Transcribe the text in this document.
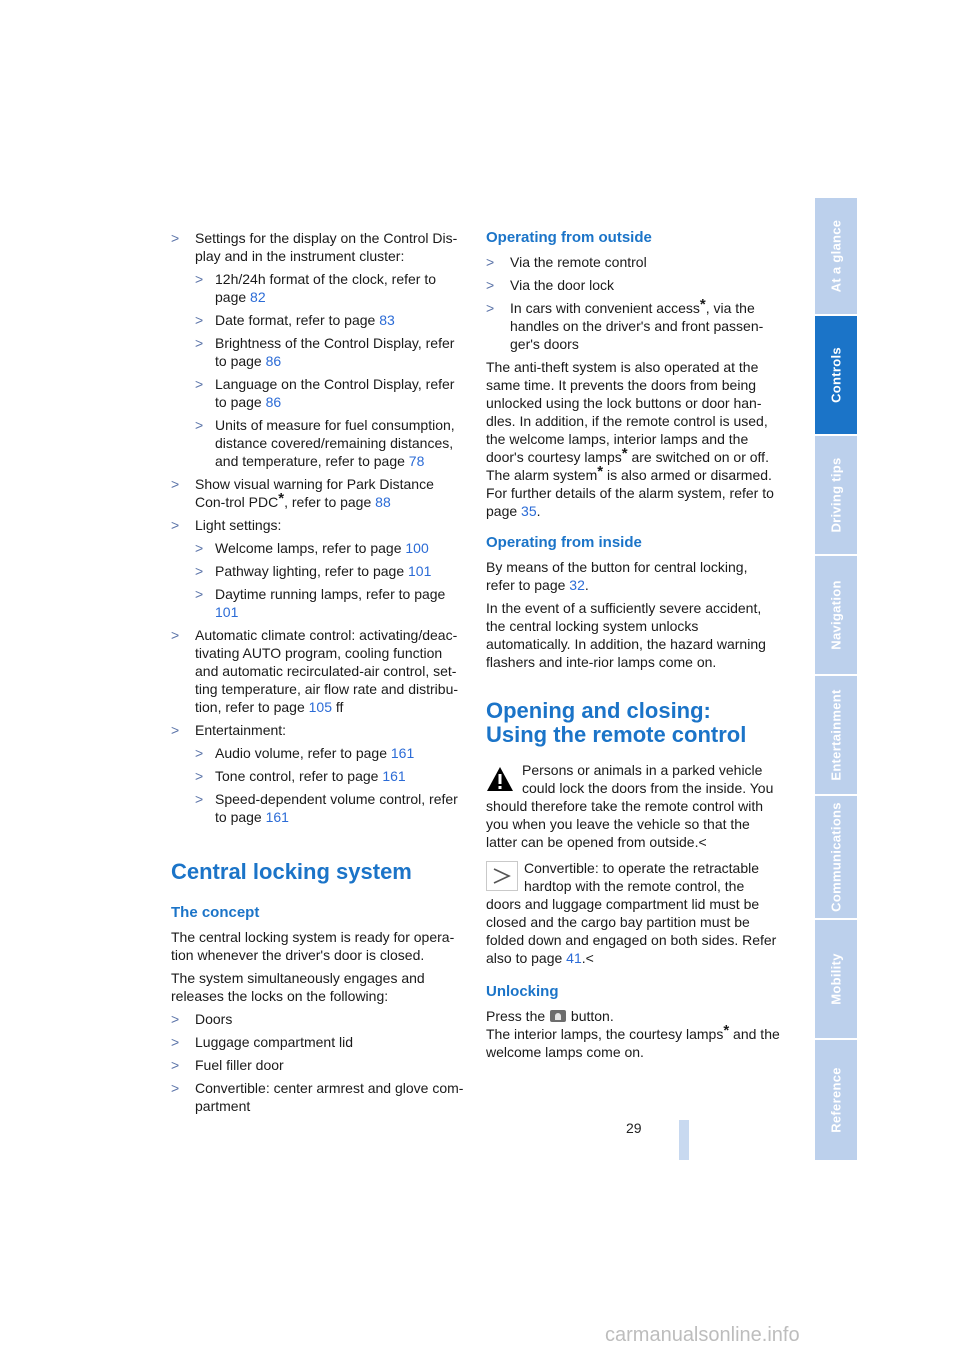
At a glance
Controls
Driving tips
Navigation
Entertainment
Communications
Mobility
Reference
> Settings for the display on the Control Dis-play and in the instrument cluster:
> 12h/24h format of the clock, refer to page 82
> Date format, refer to page 83
> Brightness of the Control Display, refer to page 86
> Language on the Control Display, refer to page 86
> Units of measure for fuel consumption, distance covered/remaining distances, and temperature, refer to page 78
> Show visual warning for Park Distance Con-trol PDC*, refer to page 88
> Light settings:
> Welcome lamps, refer to page 100
> Pathway lighting, refer to page 101
> Daytime running lamps, refer to page 101
> Automatic climate control: activating/deac-tivating AUTO program, cooling function and automatic recirculated-air control, set-ting temperature, air flow rate and distribu-tion, refer to page 105 ff
> Entertainment:
> Audio volume, refer to page 161
> Tone control, refer to page 161
> Speed-dependent volume control, refer to page 161
Central locking system
The concept

The central locking system is ready for opera-tion whenever the driver's door is closed.

The system simultaneously engages and releases the locks on the following:

> Doors
> Luggage compartment lid
> Fuel filler door
> Convertible: center armrest and glove com-partment
Operating from outside
> Via the remote control
> Via the door lock
> In cars with convenient access*, via the handles on the driver's and front passen-ger's doors

The anti-theft system is also operated at the same time. It prevents the doors from being unlocked using the lock buttons or door han-dles. In addition, if the remote control is used, the welcome lamps, interior lamps and the door's courtesy lamps* are switched on or off. The alarm system* is also armed or disarmed. For further details of the alarm system, refer to page 35.

Operating from inside

By means of the button for central locking, refer to page 32.

In the event of a sufficiently severe accident, the central locking system unlocks automatically. In addition, the hazard warning flashers and inte-rior lamps come on.

Opening and closing:
Using the remote control
Persons or animals in a parked vehicle could lock the doors from the inside. You should therefore take the remote control with you when you leave the vehicle so that the latter can be opened from outside.<
Convertible: to operate the retractable hardtop with the remote control, the doors and luggage compartment lid must be closed and the cargo bay partition must be folded down and engaged on both sides. Refer also to page 41.<
Unlocking

Press the  button.

The interior lamps, the courtesy lamps* and the welcome lamps come on.

29
carmanualsonline.info
